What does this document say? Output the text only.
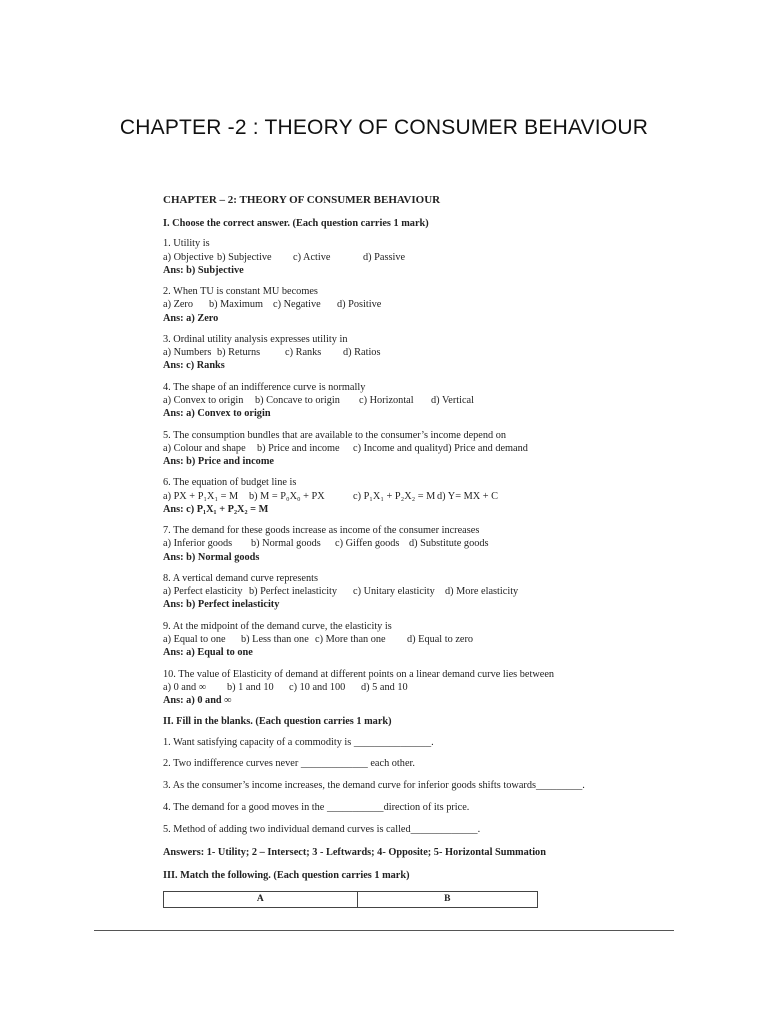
CHAPTER -2 : THEORY OF CONSUMER BEHAVIOUR
CHAPTER – 2: THEORY OF CONSUMER BEHAVIOUR
I. Choose the correct answer. (Each question carries 1 mark)
1. Utility is
a) Objective b) Subjective	c) Active	d) Passive
Ans: b) Subjective
2. When TU is constant MU becomes
a) Zero	b) Maximum c) Negative	d) Positive
Ans: a) Zero
3. Ordinal utility analysis expresses utility in
a) Numbers b) Returns	c) Ranks	d) Ratios
Ans: c) Ranks
4. The shape of an indifference curve is normally
a) Convex to origin	b) Concave to origin	c) Horizontal	d) Vertical
Ans: a) Convex to origin
5. The consumption bundles that are available to the consumer’s income depend on
a) Colour and shape	b) Price and income	c) Income and quality d) Price and demand
Ans: b) Price and income
6. The equation of budget line is
a) PX + P₁X₁ = M	b) M = P₀X₀ + PX	c) P₁X₁ + P₂X₂ = M d) Y= MX + C
Ans: c) P₁X₁ + P₂X₂ = M
7. The demand for these goods increase as income of the consumer increases
a) Inferior goods	b) Normal goods	c) Giffen goods d) Substitute goods
Ans: b) Normal goods
8. A vertical demand curve represents
a) Perfect elasticity b) Perfect inelasticity	c) Unitary elasticity d) More elasticity
Ans: b) Perfect inelasticity
9. At the midpoint of the demand curve, the elasticity is
a) Equal to one	b) Less than one c) More than one	d) Equal to zero
Ans: a) Equal to one
10. The value of Elasticity of demand at different points on a linear demand curve lies between
a) 0 and ∞	b) 1 and 10	c) 10 and 100	d) 5 and 10
Ans: a) 0 and ∞
II. Fill in the blanks. (Each question carries 1 mark)
1. Want satisfying capacity of a commodity is _______________.
2. Two indifference curves never _____________ each other.
3. As the consumer’s income increases, the demand curve for inferior goods shifts towards_________.
4. The demand for a good moves in the ___________direction of its price.
5. Method of adding two individual demand curves is called_____________.
Answers: 1- Utility; 2 – Intersect; 3 - Leftwards; 4- Opposite; 5- Horizontal Summation
III. Match the following. (Each question carries 1 mark)
A	B
